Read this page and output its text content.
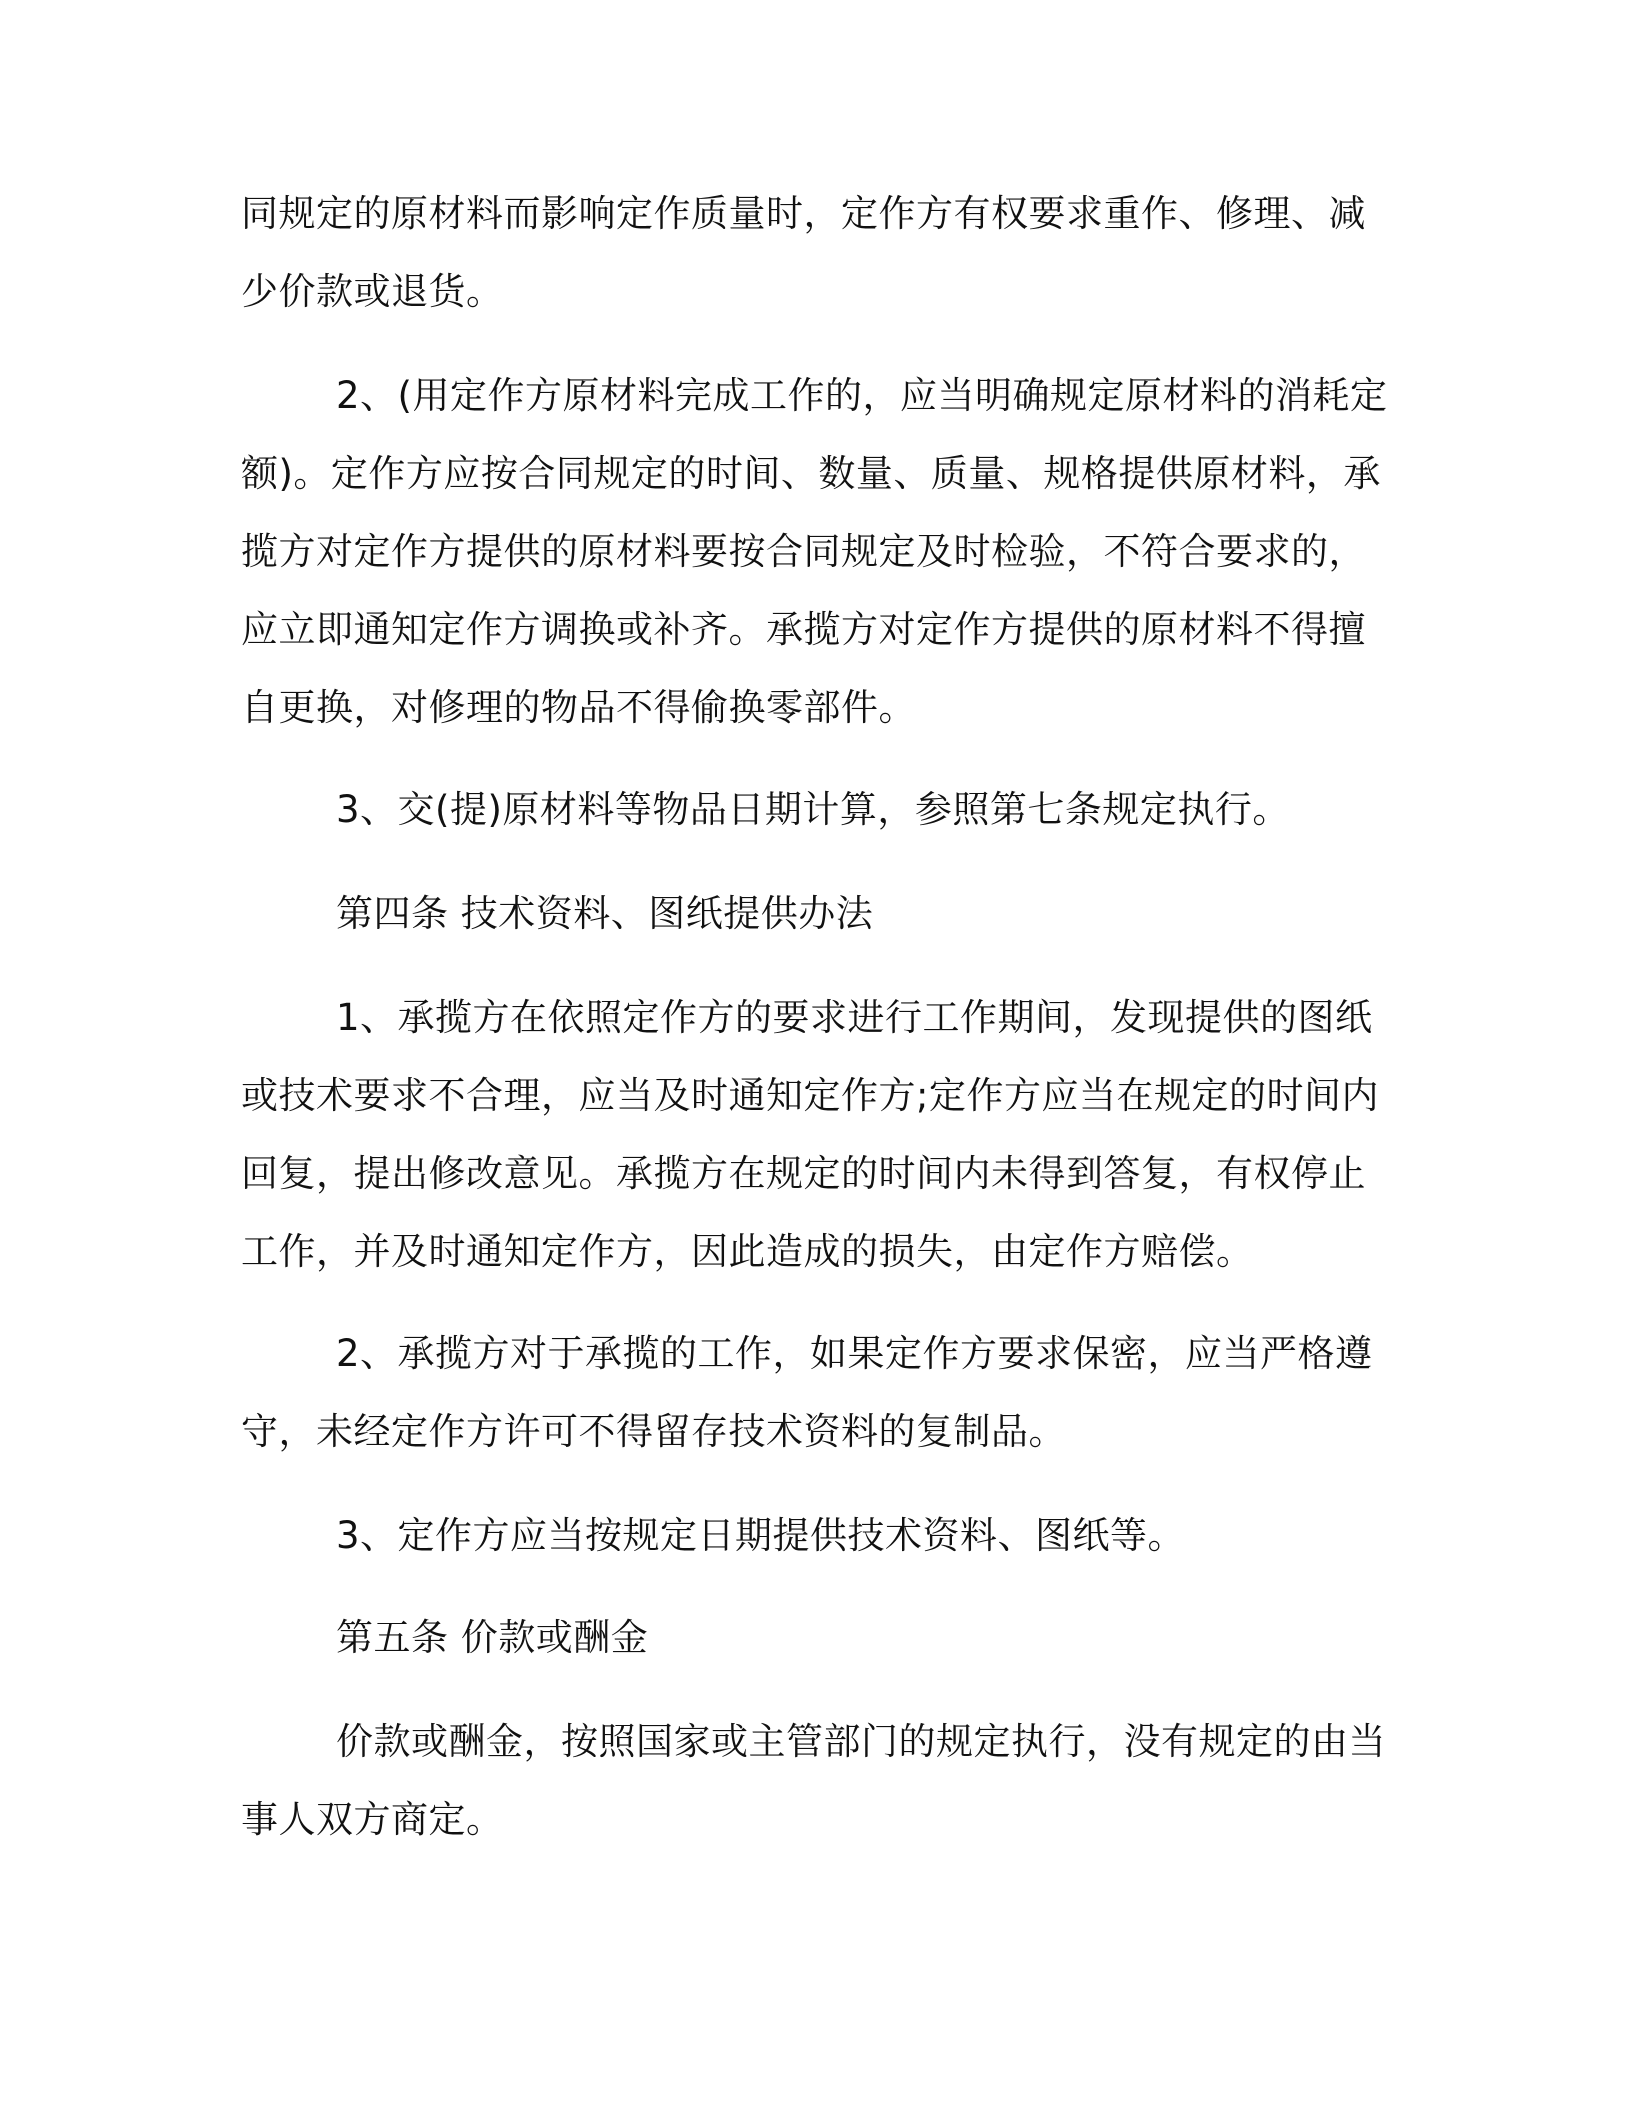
同规定的原材料而影响定作质量时，定作方有权要求重作、修理、减
少价款或退货。
2、(用定作方原材料完成工作的，应当明确规定原材料的消耗定
额)。定作方应按合同规定的时间、数量、质量、规格提供原材料，承
揽方对定作方提供的原材料要按合同规定及时检验，不符合要求的，
应立即通知定作方调换或补齐。承揽方对定作方提供的原材料不得擅
自更换，对修理的物品不得偷换零部件。
3、交(提)原材料等物品日期计算，参照第七条规定执行。
第四条 技术资料、图纸提供办法
1、承揽方在依照定作方的要求进行工作期间，发现提供的图纸
或技术要求不合理，应当及时通知定作方;定作方应当在规定的时间内
回复，提出修改意见。承揽方在规定的时间内未得到答复，有权停止
工作，并及时通知定作方，因此造成的损失，由定作方赔偿。
2、承揽方对于承揽的工作，如果定作方要求保密，应当严格遵
守，未经定作方许可不得留存技术资料的复制品。
3、定作方应当按规定日期提供技术资料、图纸等。
第五条 价款或酬金
价款或酬金，按照国家或主管部门的规定执行，没有规定的由当
事人双方商定。
